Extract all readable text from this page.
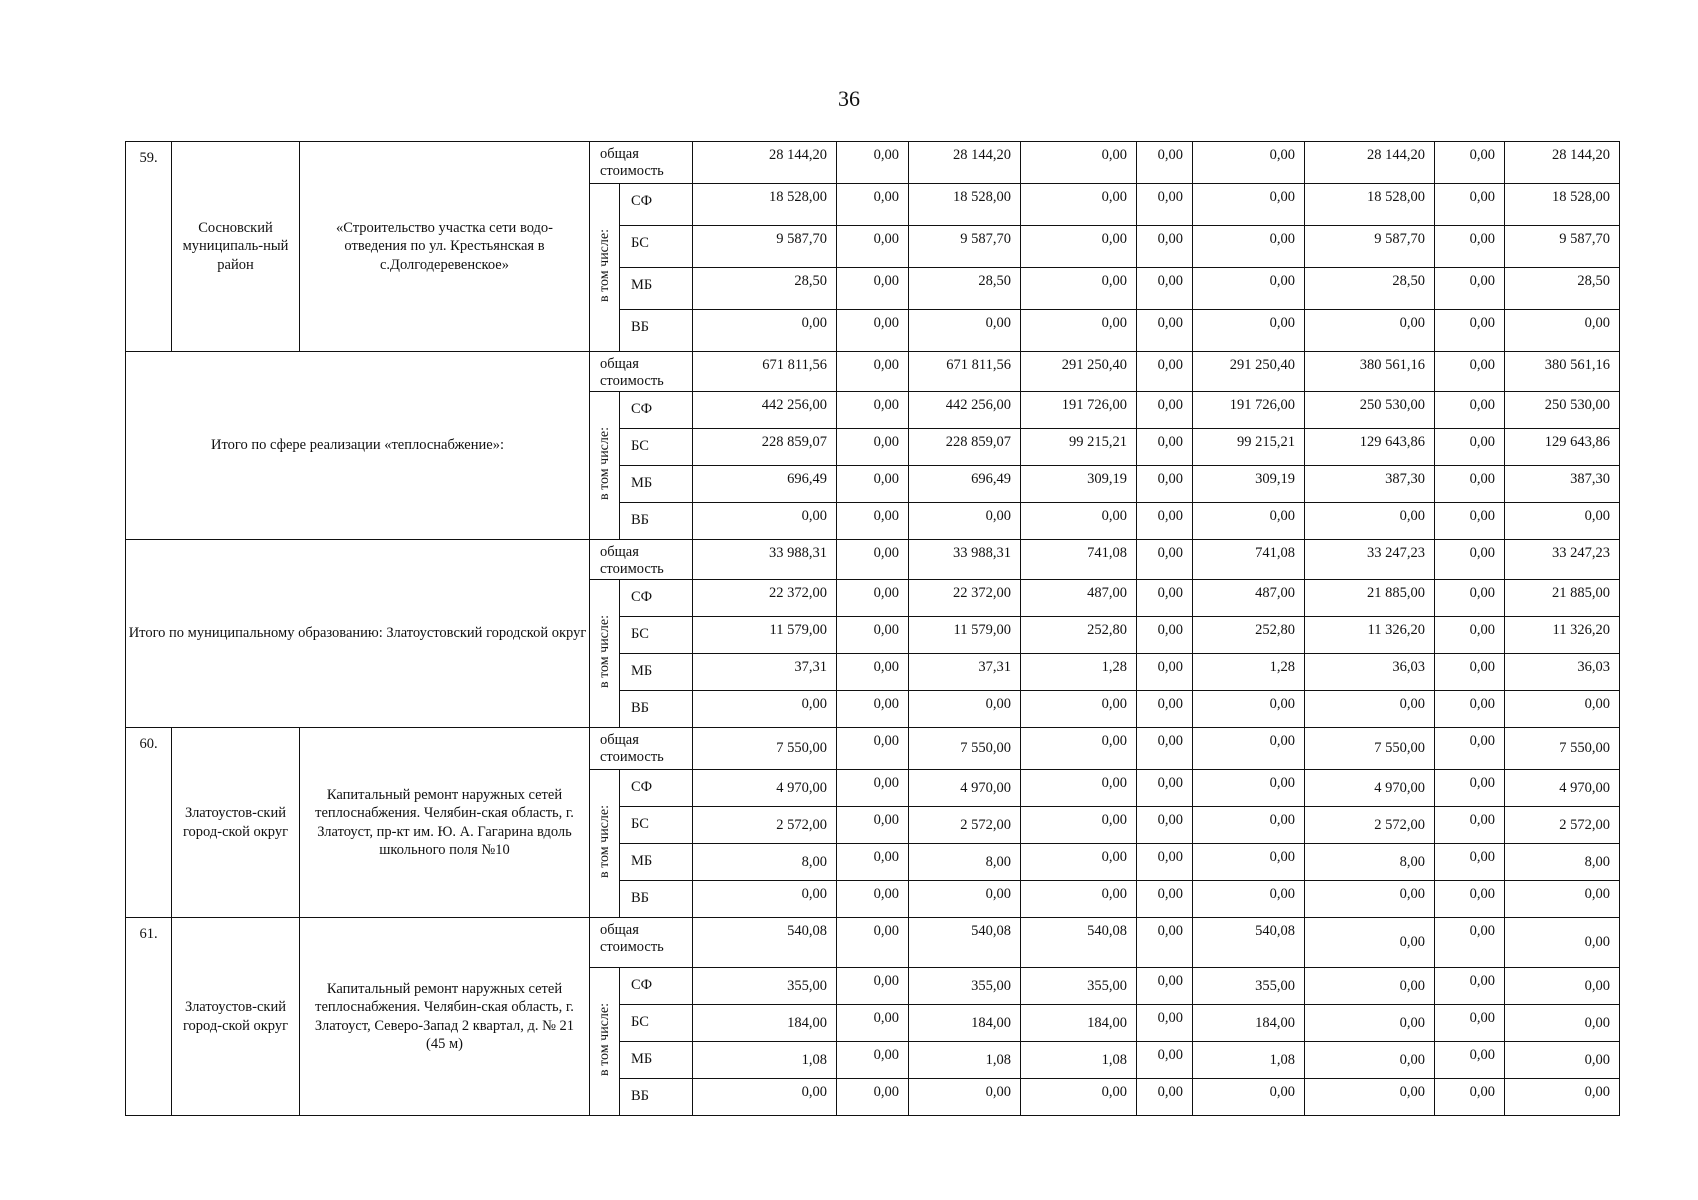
36
59.	Сосновский муниципаль-ный район	«Строительство участка сети водо-отведения по ул. Крестьянская в с.Долгодеревенское»	общая стоимость		28 144,20	0,00	28 144,20	0,00	0,00	0,00	28 144,20	0,00	28 144,20
			в том числе:	СФ	18 528,00	0,00	18 528,00	0,00	0,00	0,00	18 528,00	0,00	18 528,00
				БС	9 587,70	0,00	9 587,70	0,00	0,00	0,00	9 587,70	0,00	9 587,70
				МБ	28,50	0,00	28,50	0,00	0,00	0,00	28,50	0,00	28,50
				ВБ	0,00	0,00	0,00	0,00	0,00	0,00	0,00	0,00	0,00
Итого по сфере реализации «теплоснабжение»:			общая стоимость		671 811,56	0,00	671 811,56	291 250,40	0,00	291 250,40	380 561,16	0,00	380 561,16
			в том числе:	СФ	442 256,00	0,00	442 256,00	191 726,00	0,00	191 726,00	250 530,00	0,00	250 530,00
				БС	228 859,07	0,00	228 859,07	99 215,21	0,00	99 215,21	129 643,86	0,00	129 643,86
				МБ	696,49	0,00	696,49	309,19	0,00	309,19	387,30	0,00	387,30
				ВБ	0,00	0,00	0,00	0,00	0,00	0,00	0,00	0,00	0,00
Итого по муниципальному образованию: Златоустовский городской округ			общая стоимость		33 988,31	0,00	33 988,31	741,08	0,00	741,08	33 247,23	0,00	33 247,23
			в том числе:	СФ	22 372,00	0,00	22 372,00	487,00	0,00	487,00	21 885,00	0,00	21 885,00
				БС	11 579,00	0,00	11 579,00	252,80	0,00	252,80	11 326,20	0,00	11 326,20
				МБ	37,31	0,00	37,31	1,28	0,00	1,28	36,03	0,00	36,03
				ВБ	0,00	0,00	0,00	0,00	0,00	0,00	0,00	0,00	0,00
60.	Златоустов-ский город-ской округ	Капитальный ремонт наружных сетей теплоснабжения. Челябин-ская область, г. Златоуст, пр-кт им. Ю. А. Гагарина вдоль школьного поля №10	общая стоимость		7 550,00	0,00	7 550,00	0,00	0,00	0,00	7 550,00	0,00	7 550,00
			в том числе:	СФ	4 970,00	0,00	4 970,00	0,00	0,00	0,00	4 970,00	0,00	4 970,00
				БС	2 572,00	0,00	2 572,00	0,00	0,00	0,00	2 572,00	0,00	2 572,00
				МБ	8,00	0,00	8,00	0,00	0,00	0,00	8,00	0,00	8,00
				ВБ	0,00	0,00	0,00	0,00	0,00	0,00	0,00	0,00	0,00
61.	Златоустов-ский город-ской округ	Капитальный ремонт наружных сетей теплоснабжения. Челябин-ская область, г. Златоуст, Северо-Запад 2 квартал, д. № 21 (45 м)	общая стоимость		540,08	0,00	540,08	540,08	0,00	540,08	0,00	0,00	0,00
			в том числе:	СФ	355,00	0,00	355,00	355,00	0,00	355,00	0,00	0,00	0,00
				БС	184,00	0,00	184,00	184,00	0,00	184,00	0,00	0,00	0,00
				МБ	1,08	0,00	1,08	1,08	0,00	1,08	0,00	0,00	0,00
				ВБ	0,00	0,00	0,00	0,00	0,00	0,00	0,00	0,00	0,00
